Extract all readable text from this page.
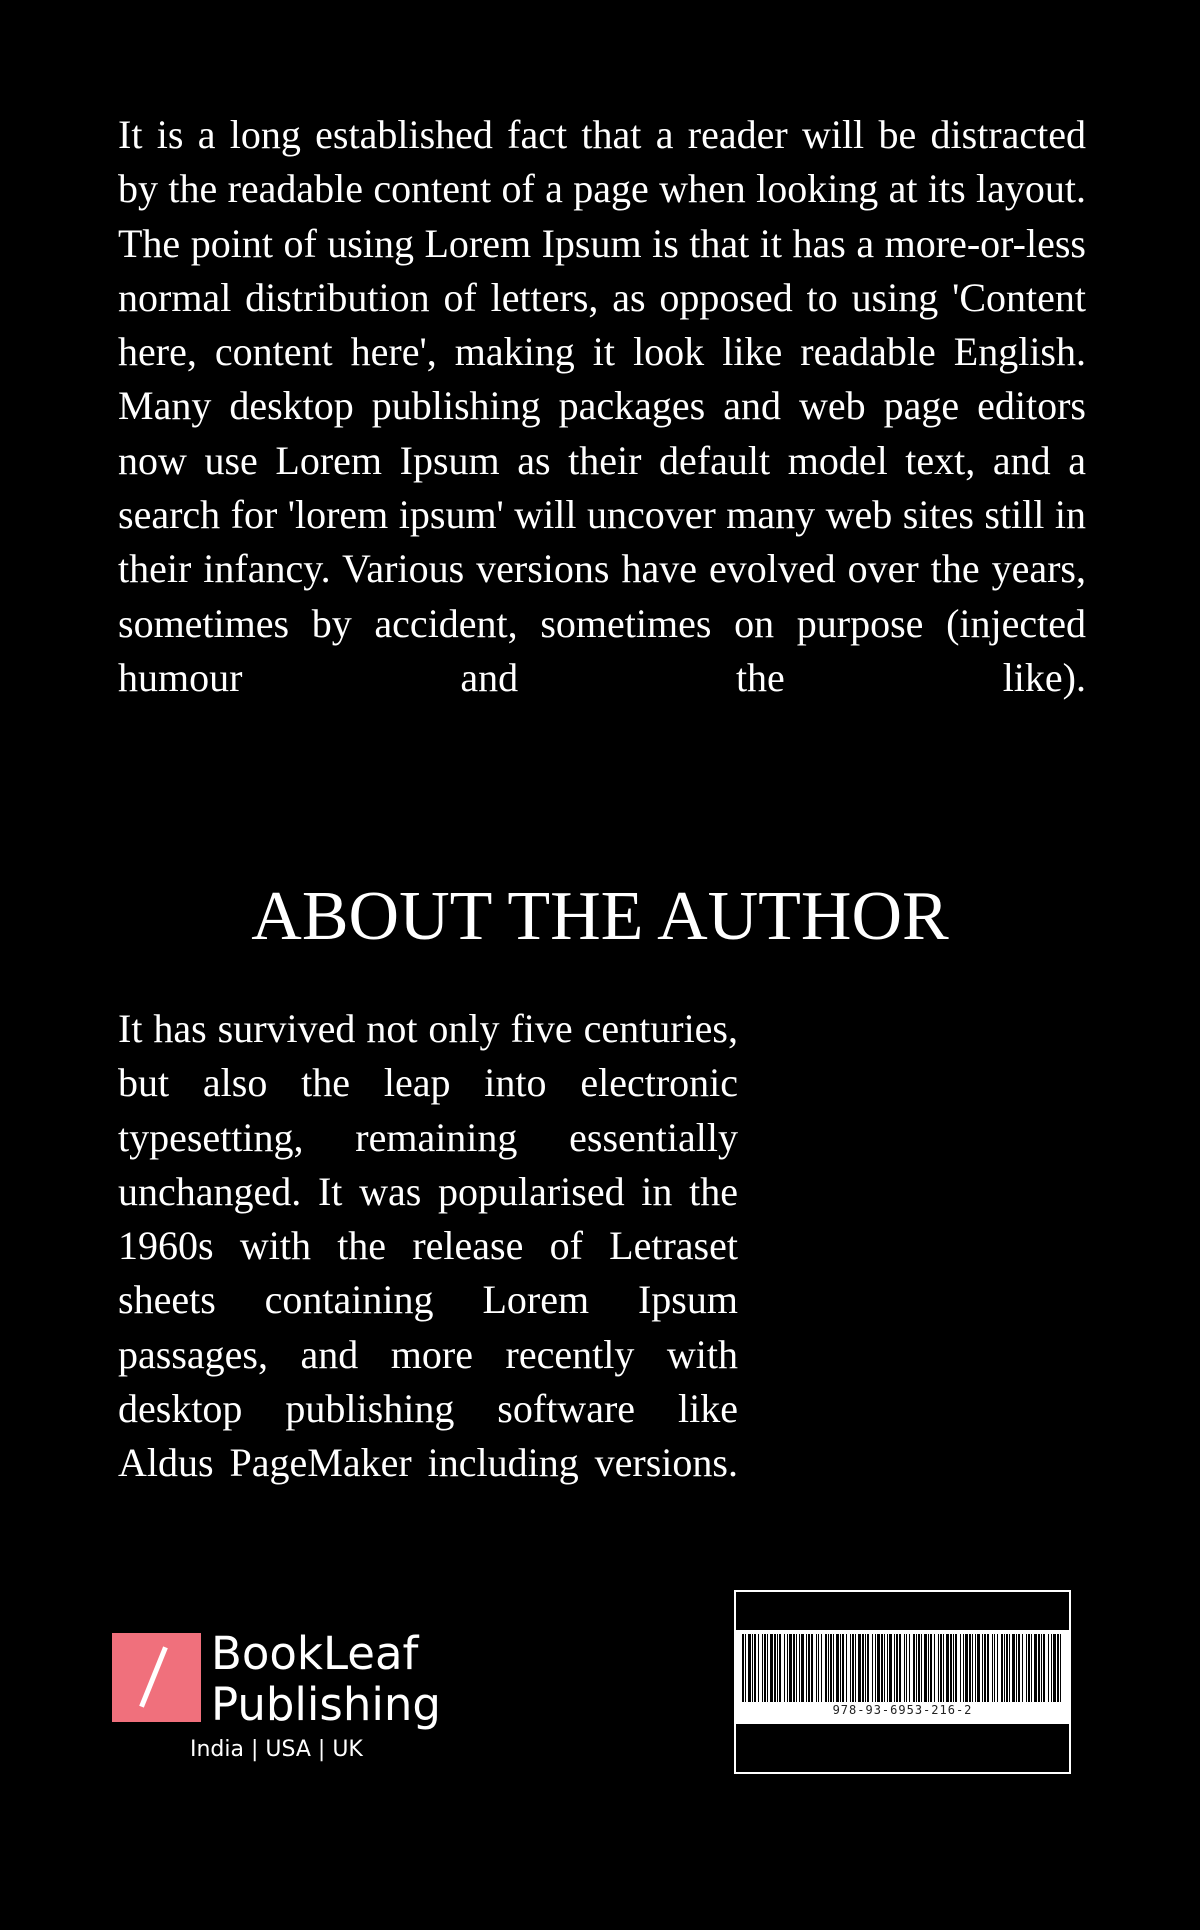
It is a long established fact that a reader will be distracted by the readable content of a page when looking at its layout. The point of using Lorem Ipsum is that it has a more-or-less normal distribution of letters, as opposed to using 'Content here, content here', making it look like readable English. Many desktop publishing packages and web page editors now use Lorem Ipsum as their default model text, and a search for 'lorem ipsum' will uncover many web sites still in their infancy. Various versions have evolved over the years, sometimes by accident, sometimes on purpose (injected humour and the like).

ABOUT THE AUTHOR

It has survived not only five centuries, but also the leap into electronic typesetting, remaining essentially unchanged. It was popularised in the 1960s with the release of Letraset sheets containing Lorem Ipsum passages, and more recently with desktop publishing software like Aldus PageMaker including versions.

BookLeaf
Publishing
India | USA | UK
978-93-6953-216-2
